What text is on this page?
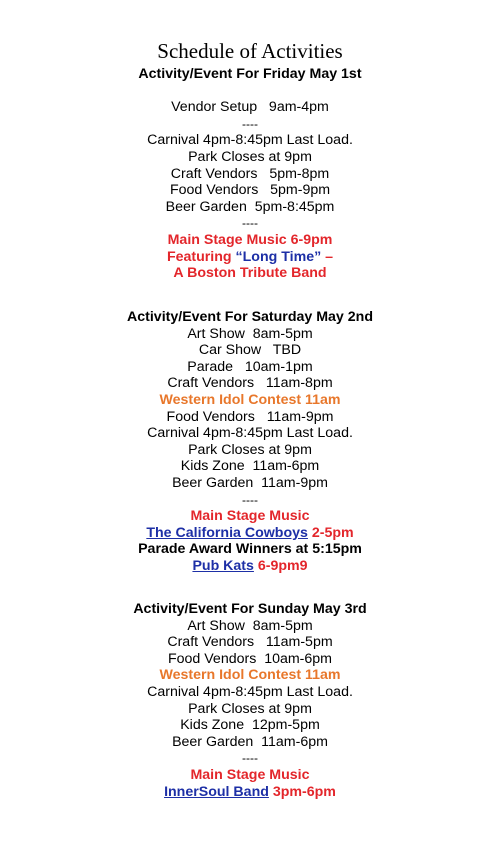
Schedule of Activities
Activity/Event For Friday May 1st
Vendor Setup   9am-4pm
----
Carnival 4pm-8:45pm Last Load.
Park Closes at 9pm
Craft Vendors   5pm-8pm
Food Vendors   5pm-9pm
Beer Garden  5pm-8:45pm
----
Main Stage Music 6-9pm
Featuring “Long Time” –
A Boston Tribute Band
Activity/Event For Saturday May 2nd
Art Show  8am-5pm
Car Show   TBD
Parade   10am-1pm
Craft Vendors   11am-8pm
Western Idol Contest 11am
Food Vendors   11am-9pm
Carnival 4pm-8:45pm Last Load.
Park Closes at 9pm
Kids Zone  11am-6pm
Beer Garden  11am-9pm
----
Main Stage Music
The California Cowboys 2-5pm
Parade Award Winners at 5:15pm
Pub Kats 6-9pm9
Activity/Event For Sunday May 3rd
Art Show  8am-5pm
Craft Vendors   11am-5pm
Food Vendors  10am-6pm
Western Idol Contest 11am
Carnival 4pm-8:45pm Last Load.
Park Closes at 9pm
Kids Zone  12pm-5pm
Beer Garden  11am-6pm
----
Main Stage Music
InnerSoul Band 3pm-6pm
